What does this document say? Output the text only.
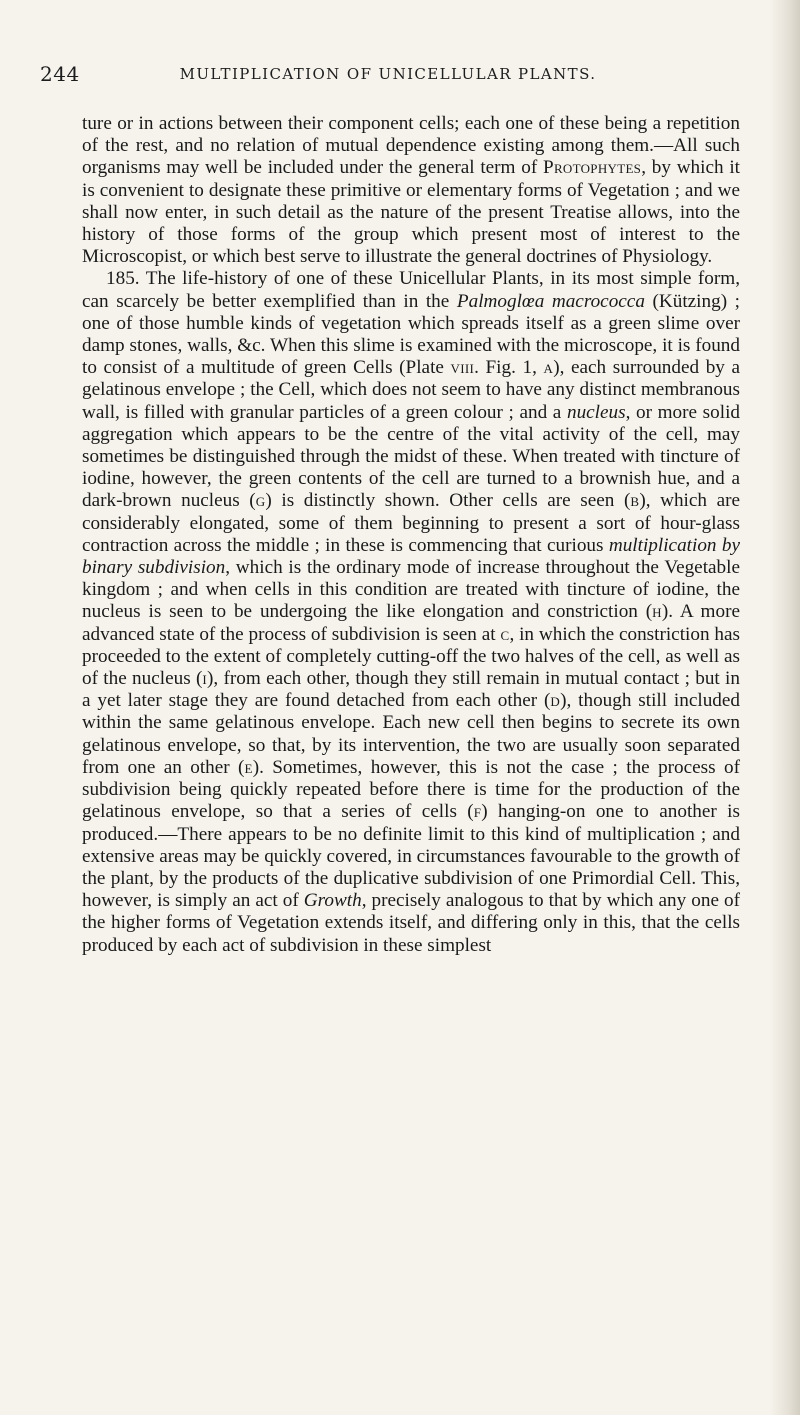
244	MULTIPLICATION OF UNICELLULAR PLANTS.

ture or in actions between their component cells; each one of these being a repetition of the rest, and no relation of mutual dependence existing among them.—All such organisms may well be included under the general term of Protophytes, by which it is convenient to designate these primitive or elementary forms of Vegetation ; and we shall now enter, in such detail as the nature of the present Treatise allows, into the history of those forms of the group which present most of interest to the Microscopist, or which best serve to illustrate the general doctrines of Physiology.

185. The life-history of one of these Unicellular Plants, in its most simple form, can scarcely be better exemplified than in the Palmoglœa macrococca (Kützing) ; one of those humble kinds of vegetation which spreads itself as a green slime over damp stones, walls, &c. When this slime is examined with the microscope, it is found to consist of a multitude of green Cells (Plate viii. Fig. 1, a), each surrounded by a gelatinous envelope ; the Cell, which does not seem to have any distinct membranous wall, is filled with granular particles of a green colour ; and a nucleus, or more solid aggregation which appears to be the centre of the vital activity of the cell, may sometimes be distinguished through the midst of these. When treated with tincture of iodine, however, the green contents of the cell are turned to a brownish hue, and a dark-brown nucleus (g) is distinctly shown. Other cells are seen (b), which are considerably elongated, some of them beginning to present a sort of hour-glass contraction across the middle ; in these is commencing that curious multiplication by binary subdivision, which is the ordinary mode of increase throughout the Vegetable kingdom ; and when cells in this condition are treated with tincture of iodine, the nucleus is seen to be undergoing the like elongation and constriction (h). A more advanced state of the process of subdivision is seen at c, in which the constriction has proceeded to the extent of completely cutting-off the two halves of the cell, as well as of the nucleus (i), from each other, though they still remain in mutual contact ; but in a yet later stage they are found detached from each other (d), though still included within the same gelatinous envelope. Each new cell then begins to secrete its own gelatinous envelope, so that, by its intervention, the two are usually soon separated from one an other (e). Sometimes, however, this is not the case ; the process of subdivision being quickly repeated before there is time for the production of the gelatinous envelope, so that a series of cells (f) hanging-on one to another is produced.—There appears to be no definite limit to this kind of multiplication ; and extensive areas may be quickly covered, in circumstances favourable to the growth of the plant, by the products of the duplicative subdivision of one Primordial Cell. This, however, is simply an act of Growth, precisely analogous to that by which any one of the higher forms of Vegetation extends itself, and differing only in this, that the cells produced by each act of subdivision in these simplest
